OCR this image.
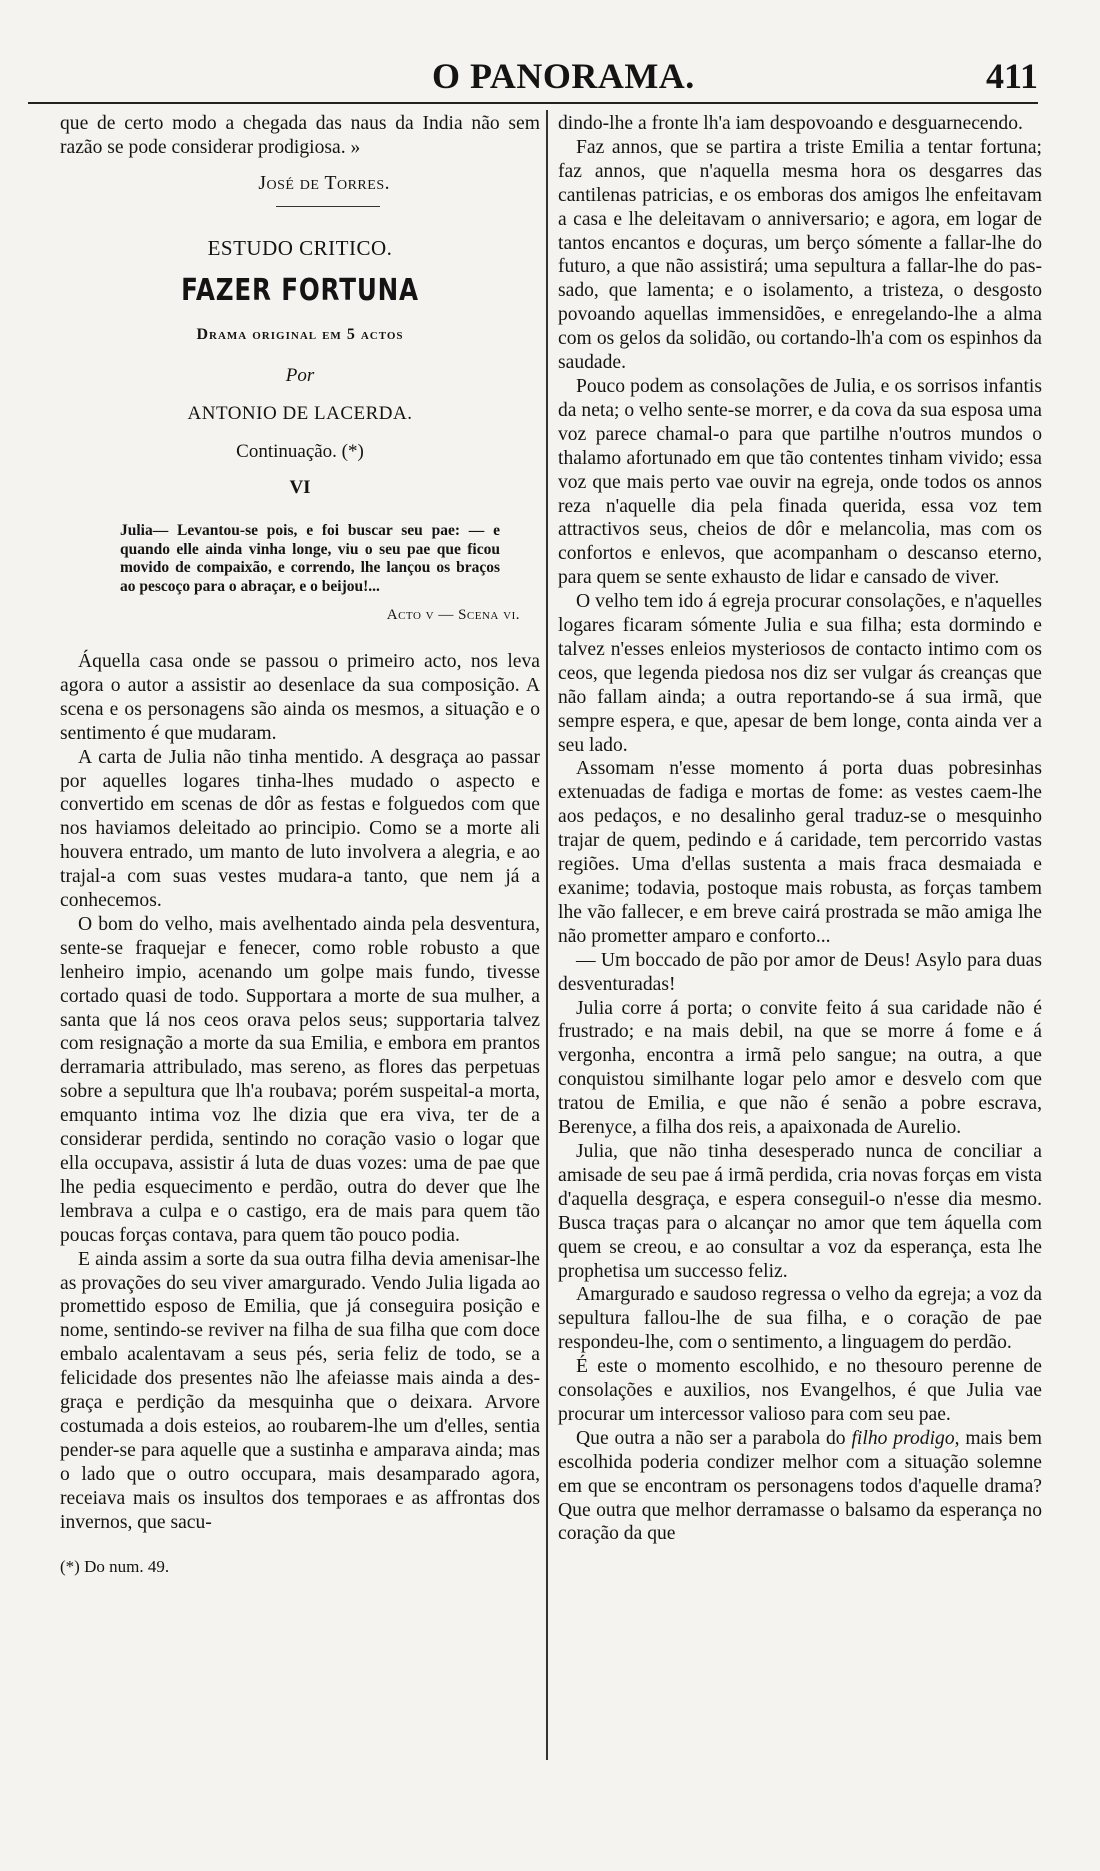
O PANORAMA.	411

que de certo modo a chegada das naus da India não sem razão se pode considerar prodigiosa. »

José de Torres.

ESTUDO CRITICO.

FAZER FORTUNA

Drama original em 5 actos

Por

ANTONIO DE LACERDA.

Continuação. (*)

VI

Julia— Levantou-se pois, e foi buscar seu pae: — e quando elle ainda vinha longe, viu o seu pae que ficou movido de compaixão, e correndo, lhe lançou os braços ao pescoço para o abraçar, e o beijou!...

Acto v — Scena vi.

Áquella casa onde se passou o primeiro acto, nos leva agora o autor a assistir ao desenlace da sua composição. A scena e os personagens são ainda os mesmos, a situação e o sentimento é que mudaram.

A carta de Julia não tinha mentido. A desgraça ao passar por aquelles logares tinha-lhes mudado o aspecto e convertido em scenas de dôr as festas e folguedos com que nos haviamos deleitado ao principio. Como se a morte ali houvera entrado, um manto de luto involvera a alegria, e ao trajal-a com suas vestes mudara-a tanto, que nem já a conhecemos.

O bom do velho, mais avelhentado ainda pela desventura, sente-se fraquejar e fenecer, como roble robusto a que lenheiro impio, acenando um golpe mais fundo, tivesse cortado quasi de todo. Supportara a morte de sua mulher, a santa que lá nos ceos orava pelos seus; supportaria talvez com resignação a morte da sua Emilia, e embora em prantos derramaria attribulado, mas sereno, as flores das perpetuas sobre a sepultura que lh'a roubava; porém suspeital-a morta, emquanto intima voz lhe dizia que era viva, ter de a considerar perdida, sentindo no coração vasio o logar que ella occupava, assistir á luta de duas vozes: uma de pae que lhe pedia esquecimento e perdão, outra do dever que lhe lembrava a culpa e o castigo, era de mais para quem tão poucas forças contava, para quem tão pouco podia.

E ainda assim a sorte da sua outra filha devia amenisar-lhe as provações do seu viver amargurado. Vendo Julia ligada ao promettido esposo de Emilia, que já conseguira posição e nome, sentindo-se reviver na filha de sua filha que com doce embalo acalentavam a seus pés, seria feliz de todo, se a felicidade dos presentes não lhe afeiasse mais ainda a desgraça e perdição da mesquinha que o deixara. Arvore costumada a dois esteios, ao roubarem-lhe um d'elles, sentia pender-se para aquelle que a sustinha e amparava ainda; mas o lado que o outro occupara, mais desamparado agora, receiava mais os insultos dos temporaes e as affrontas dos invernos, que sacu-

(*) Do num. 49.

dindo-lhe a fronte lh'a iam despovoando e desguarnecendo.

Faz annos, que se partira a triste Emilia a tentar fortuna; faz annos, que n'aquella mesma hora os desgarres das cantilenas patricias, e os emboras dos amigos lhe enfeitavam a casa e lhe deleitavam o anniversario; e agora, em logar de tantos encantos e doçuras, um berço sómente a fallar-lhe do futuro, a que não assistirá; uma sepultura a fallar-lhe do passado, que lamenta; e o isolamento, a tristeza, o desgosto povoando aquellas immensidões, e enregelando-lhe a alma com os gelos da solidão, ou cortando-lh'a com os espinhos da saudade.

Pouco podem as consolações de Julia, e os sorrisos infantis da neta; o velho sente-se morrer, e da cova da sua esposa uma voz parece chamal-o para que partilhe n'outros mundos o thalamo afortunado em que tão contentes tinham vivido; essa voz que mais perto vae ouvir na egreja, onde todos os annos reza n'aquelle dia pela finada querida, essa voz tem attractivos seus, cheios de dôr e melancolia, mas com os confortos e enlevos, que acompanham o descanso eterno, para quem se sente exhausto de lidar e cansado de viver.

O velho tem ido á egreja procurar consolações, e n'aquelles logares ficaram sómente Julia e sua filha; esta dormindo e talvez n'esses enleios mysteriosos de contacto intimo com os ceos, que legenda piedosa nos diz ser vulgar ás creanças que não fallam ainda; a outra reportando-se á sua irmã, que sempre espera, e que, apesar de bem longe, conta ainda ver a seu lado.

Assomam n'esse momento á porta duas pobresinhas extenuadas de fadiga e mortas de fome: as vestes caem-lhe aos pedaços, e no desalinho geral traduz-se o mesquinho trajar de quem, pedindo e á caridade, tem percorrido vastas regiões. Uma d'ellas sustenta a mais fraca desmaiada e exanime; todavia, postoque mais robusta, as forças tambem lhe vão fallecer, e em breve cairá prostrada se mão amiga lhe não prometter amparo e conforto...

— Um boccado de pão por amor de Deus! Asylo para duas desventuradas!

Julia corre á porta; o convite feito á sua caridade não é frustrado; e na mais debil, na que se morre á fome e á vergonha, encontra a irmã pelo sangue; na outra, a que conquistou similhante logar pelo amor e desvelo com que tratou de Emilia, e que não é senão a pobre escrava, Berenyce, a filha dos reis, a apaixonada de Aurelio.

Julia, que não tinha desesperado nunca de conciliar a amisade de seu pae á irmã perdida, cria novas forças em vista d'aquella desgraça, e espera conseguil-o n'esse dia mesmo. Busca traças para o alcançar no amor que tem áquella com quem se creou, e ao consultar a voz da esperança, esta lhe prophetisa um successo feliz.

Amargurado e saudoso regressa o velho da egreja; a voz da sepultura fallou-lhe de sua filha, e o coração de pae respondeu-lhe, com o sentimento, a linguagem do perdão.

É este o momento escolhido, e no thesouro perenne de consolações e auxilios, nos Evangelhos, é que Julia vae procurar um intercessor valioso para com seu pae.

Que outra a não ser a parabola do filho prodigo, mais bem escolhida poderia condizer melhor com a situação solemne em que se encontram os personagens todos d'aquelle drama? Que outra que melhor derramasse o balsamo da esperança no coração da que
